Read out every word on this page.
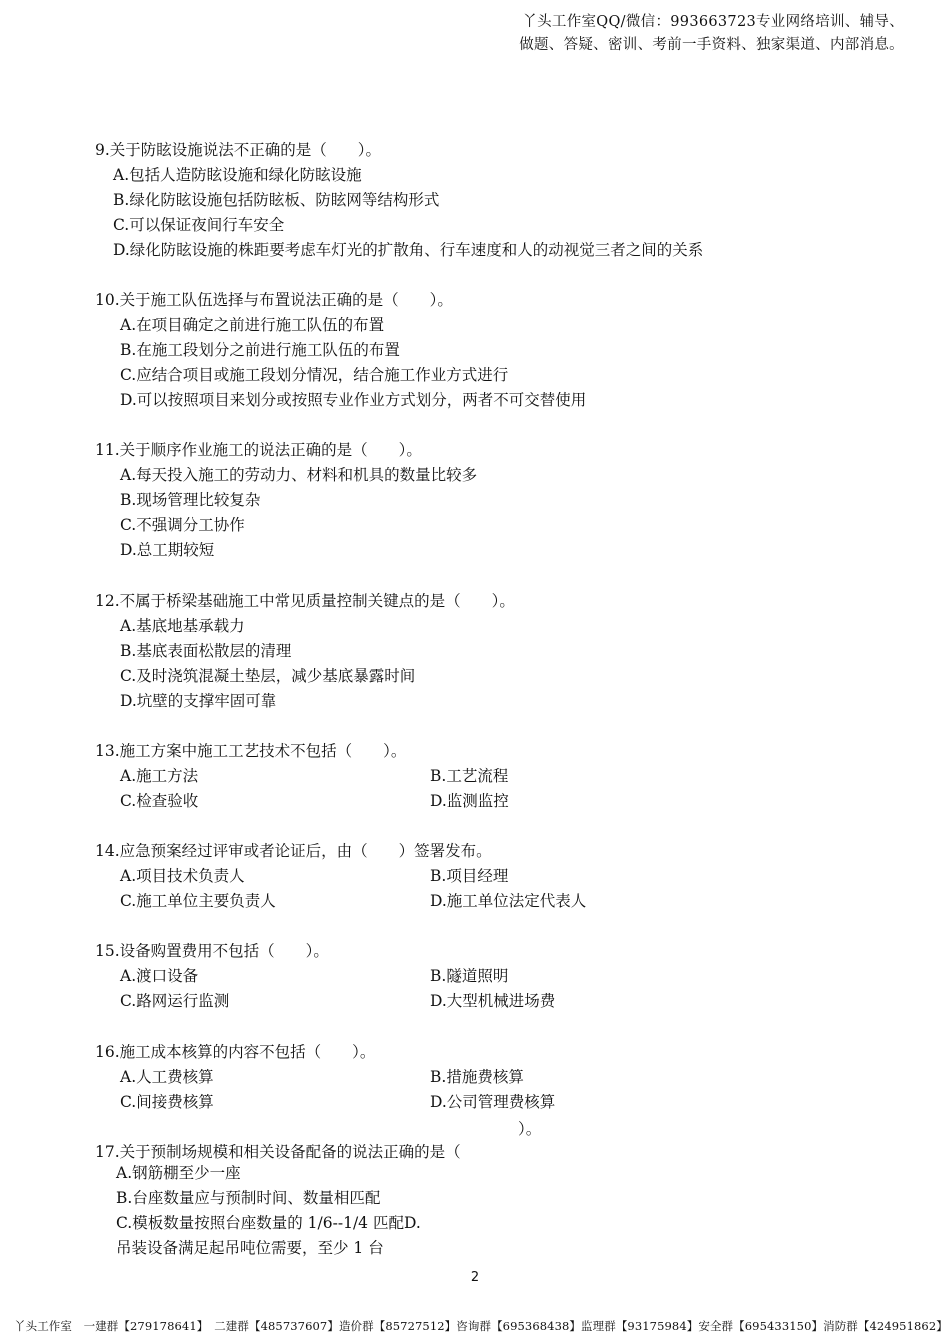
丫头工作室QQ/微信：993663723专业网络培训、辅导、
做题、答疑、密训、考前一手资料、独家渠道、内部消息。
9.关于防眩设施说法不正确的是（　　）。
A.包括人造防眩设施和绿化防眩设施
B.绿化防眩设施包括防眩板、防眩网等结构形式
C.可以保证夜间行车安全
D.绿化防眩设施的株距要考虑车灯光的扩散角、行车速度和人的动视觉三者之间的关系
10.关于施工队伍选择与布置说法正确的是（　　）。
A.在项目确定之前进行施工队伍的布置
B.在施工段划分之前进行施工队伍的布置
C.应结合项目或施工段划分情况，结合施工作业方式进行
D.可以按照项目来划分或按照专业作业方式划分，两者不可交替使用
11.关于顺序作业施工的说法正确的是（　　）。
A.每天投入施工的劳动力、材料和机具的数量比较多
B.现场管理比较复杂
C.不强调分工协作
D.总工期较短
12.不属于桥梁基础施工中常见质量控制关键点的是（　　）。
A.基底地基承载力
B.基底表面松散层的清理
C.及时浇筑混凝土垫层，减少基底暴露时间
D.坑壁的支撑牢固可靠
13.施工方案中施工工艺技术不包括（　　）。
A.施工方法	B.工艺流程
C.检查验收	D.监测监控
14.应急预案经过评审或者论证后，由（　　）签署发布。
A.项目技术负责人	B.项目经理
C.施工单位主要负责人	D.施工单位法定代表人
15.设备购置费用不包括（　　）。
A.渡口设备	B.隧道照明
C.路网运行监测	D.大型机械进场费
16.施工成本核算的内容不包括（　　）。
A.人工费核算	B.措施费核算
C.间接费核算	D.公司管理费核算
）。
17.关于预制场规模和相关设备配备的说法正确的是（
A.钢筋棚至少一座
B.台座数量应与预制时间、数量相匹配
C.模板数量按照台座数量的 1/6--1/4 匹配D.
吊装设备满足起吊吨位需要，至少 1 台
2
丫头工作室　一建群【279178641】　二建群【485737607】造价群【85727512】咨询群【695368438】监理群【93175984】安全群【695433150】消防群【424951862】
